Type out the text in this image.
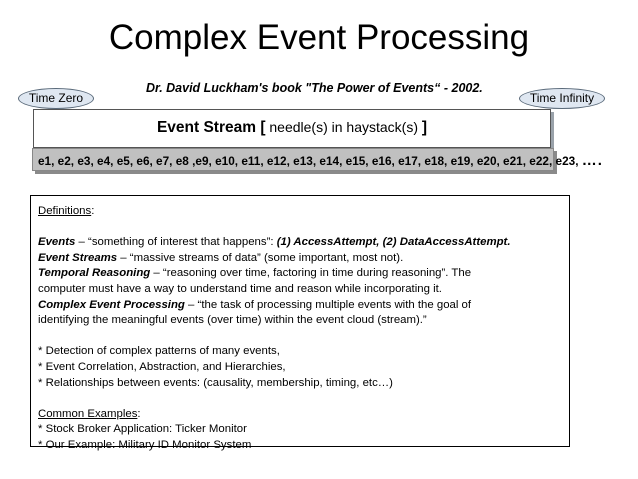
Complex Event Processing
Dr. David Luckham's book "The Power of Events“ - 2002.
Time Zero	Time Infinity
Event Stream [ needle(s) in haystack(s) ]
e1, e2, e3, e4, e5, e6, e7, e8 ,e9, e10, e11, e12, e13, e14, e15, e16, e17, e18, e19, e20, e21, e22, e23, ….
Definitions:
Events – “something of interest that happens”: (1) AccessAttempt, (2) DataAccessAttempt.
Event Streams – “massive streams of data” (some important, most not).
Temporal Reasoning – “reasoning over time, factoring in time during reasoning”. The
computer must have a way to understand time and reason while incorporating it.
Complex Event Processing – “the task of processing multiple events with the goal of
identifying the meaningful events (over time) within the event cloud (stream).”
* Detection of complex patterns of many events,
* Event Correlation, Abstraction, and Hierarchies,
* Relationships between events: (causality, membership, timing, etc…)
Common Examples:
* Stock Broker Application: Ticker Monitor
* Our Example: Military ID Monitor System
